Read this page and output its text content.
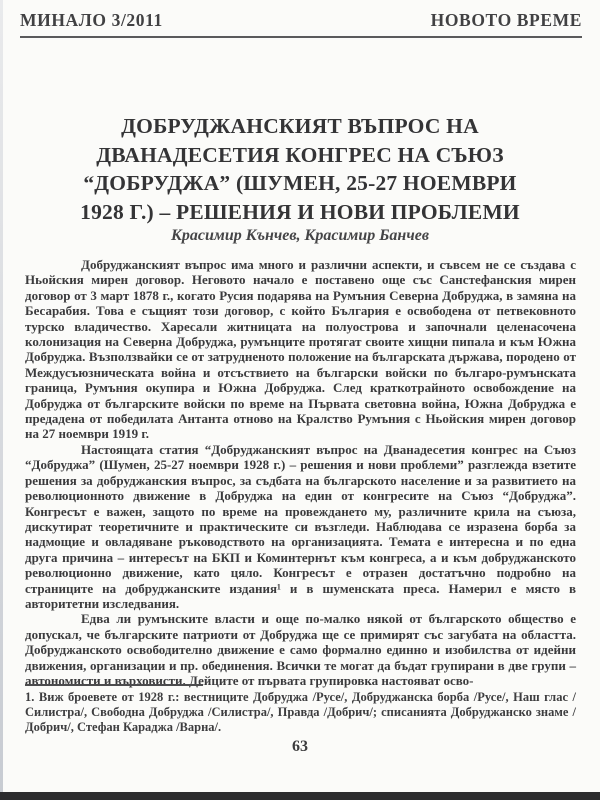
МИНАЛО 3/2011	НОВОТО ВРЕМЕ
ДОБРУДЖАНСКИЯТ ВЪПРОС НА
ДВАНАДЕСЕТИЯ КОНГРЕС НА СЪЮЗ
“ДОБРУДЖА” (ШУМЕН, 25-27 НОЕМВРИ
1928 Г.) – РЕШЕНИЯ И НОВИ ПРОБЛЕМИ
Красимир Кънчев, Красимир Банчев

Добруджанският въпрос има много и различни аспекти, и съвсем не се създава с Ньойския мирен договор. Неговото начало е поставено още със Санстефанския мирен договор от 3 март 1878 г., когато Русия подарява на Румъния Северна Добруджа, в замяна на Бесарабия. Това е същият този договор, с който България е освободена от петвековното турско владичество. Харесали житницата на полуострова и започнали целенасочена колонизация на Северна Добруджа, румънците протягат своите хищни пипала и към Южна Добруджа. Възползвайки се от затрудненото положение на българската държава, породено от Междусъюзническата война и отсъствието на български войски по българо-румънската граница, Румъния окупира и Южна Добруджа. След краткотрайното освобождение на Добруджа от българските войски по време на Първата световна война, Южна Добруджа е предадена от победилата Антанта отново на Кралство Румъния с Ньойския мирен договор на 27 ноември 1919 г.

Настоящата статия “Добруджанският въпрос на Дванадесетия конгрес на Съюз “Добруджа” (Шумен, 25-27 ноември 1928 г.) – решения и нови проблеми” разглежда взетите решения за добруджанския въпрос, за съдбата на българското население и за развитието на революционното движение в Добруджа на един от конгресите на Съюз “Добруджа”. Конгресът е важен, защото по време на провеждането му, различните крила на съюза, дискутират теоретичните и практическите си възгледи. Наблюдава се изразена борба за надмощие и овладяване ръководството на организацията. Темата е интересна и по една друга причина – интересът на БКП и Коминтернът към конгреса, а и към добруджанското революционно движение, като цяло. Конгресът е отразен достатъчно подробно на страниците на добруджанските издания¹ и в шуменската преса. Намерил е място в авторитетни изследвания.

Едва ли румънските власти и още по-малко някой от българското общество е допускал, че българските патриоти от Добруджа ще се примирят със загубата на областта. Добруджанското освободително движение е само формално единно и изобилства от идейни движения, организации и пр. обединения. Всички те могат да бъдат групирани в две групи – автономисти и върховисти. Дейците от първата групировка настояват осво-

1. Виж броевете от 1928 г.: вестниците Добруджа /Русе/, Добруджанска борба /Русе/, Наш глас /Силистра/, Свободна Добруджа /Силистра/, Правда /Добрич/; списанията Добруджанско знаме /Добрич/, Стефан Караджа /Варна/.
63
